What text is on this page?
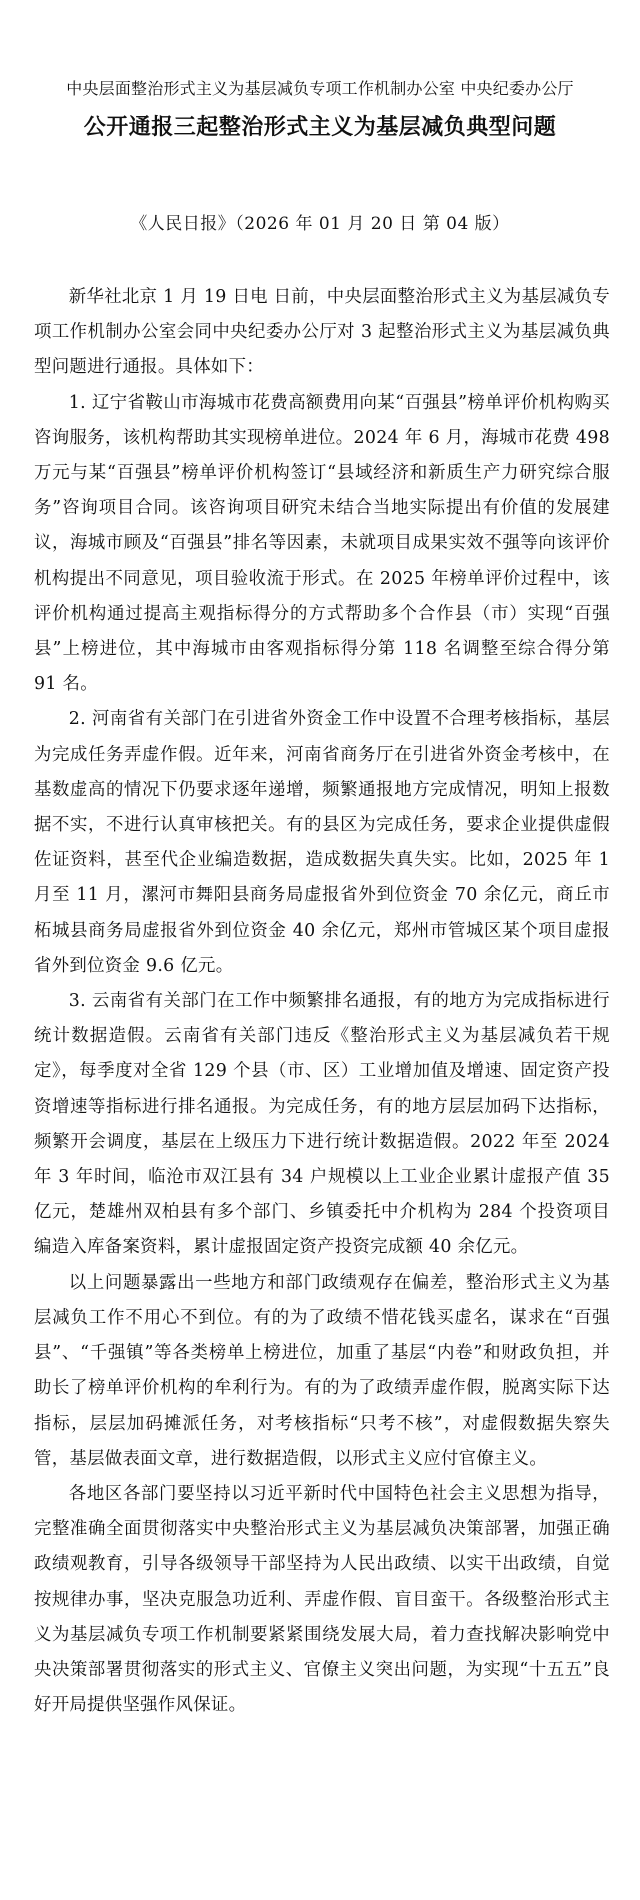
中央层面整治形式主义为基层减负专项工作机制办公室 中央纪委办公厅
公开通报三起整治形式主义为基层减负典型问题
《人民日报》（2026 年 01 月 20 日 第 04 版）

新华社北京 1 月 19 日电 日前，中央层面整治形式主义为基层减负专项工作机制办公室会同中央纪委办公厅对 3 起整治形式主义为基层减负典型问题进行通报。具体如下：

1. 辽宁省鞍山市海城市花费高额费用向某“百强县”榜单评价机构购买咨询服务，该机构帮助其实现榜单进位。2024 年 6 月，海城市花费 498 万元与某“百强县”榜单评价机构签订“县域经济和新质生产力研究综合服务”咨询项目合同。该咨询项目研究未结合当地实际提出有价值的发展建议，海城市顾及“百强县”排名等因素，未就项目成果实效不强等向该评价机构提出不同意见，项目验收流于形式。在 2025 年榜单评价过程中，该评价机构通过提高主观指标得分的方式帮助多个合作县（市）实现“百强县”上榜进位，其中海城市由客观指标得分第 118 名调整至综合得分第 91 名。

2. 河南省有关部门在引进省外资金工作中设置不合理考核指标，基层为完成任务弄虚作假。近年来，河南省商务厅在引进省外资金考核中，在基数虚高的情况下仍要求逐年递增，频繁通报地方完成情况，明知上报数据不实，不进行认真审核把关。有的县区为完成任务，要求企业提供虚假佐证资料，甚至代企业编造数据，造成数据失真失实。比如，2025 年 1 月至 11 月，漯河市舞阳县商务局虚报省外到位资金 70 余亿元，商丘市柘城县商务局虚报省外到位资金 40 余亿元，郑州市管城区某个项目虚报省外到位资金 9.6 亿元。

3. 云南省有关部门在工作中频繁排名通报，有的地方为完成指标进行统计数据造假。云南省有关部门违反《整治形式主义为基层减负若干规定》，每季度对全省 129 个县（市、区）工业增加值及增速、固定资产投资增速等指标进行排名通报。为完成任务，有的地方层层加码下达指标，频繁开会调度，基层在上级压力下进行统计数据造假。2022 年至 2024 年 3 年时间，临沧市双江县有 34 户规模以上工业企业累计虚报产值 35 亿元，楚雄州双柏县有多个部门、乡镇委托中介机构为 284 个投资项目编造入库备案资料，累计虚报固定资产投资完成额 40 余亿元。

以上问题暴露出一些地方和部门政绩观存在偏差，整治形式主义为基层减负工作不用心不到位。有的为了政绩不惜花钱买虚名，谋求在“百强县”、“千强镇”等各类榜单上榜进位，加重了基层“内卷”和财政负担，并助长了榜单评价机构的牟利行为。有的为了政绩弄虚作假，脱离实际下达指标，层层加码摊派任务，对考核指标“只考不核”，对虚假数据失察失管，基层做表面文章，进行数据造假，以形式主义应付官僚主义。

各地区各部门要坚持以习近平新时代中国特色社会主义思想为指导，完整准确全面贯彻落实中央整治形式主义为基层减负决策部署，加强正确政绩观教育，引导各级领导干部坚持为人民出政绩、以实干出政绩，自觉按规律办事，坚决克服急功近利、弄虚作假、盲目蛮干。各级整治形式主义为基层减负专项工作机制要紧紧围绕发展大局，着力查找解决影响党中央决策部署贯彻落实的形式主义、官僚主义突出问题，为实现“十五五”良好开局提供坚强作风保证。
